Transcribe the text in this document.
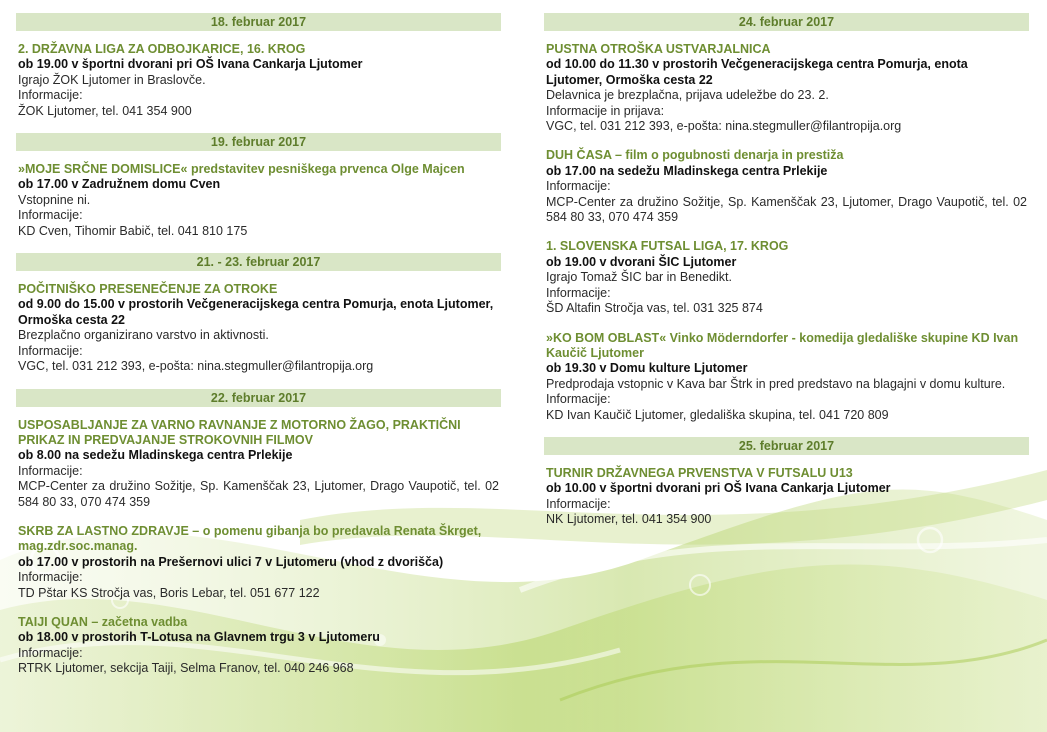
18. februar 2017
2. DRŽAVNA LIGA ZA ODBOJKARICE, 16. KROG
ob 19.00 v športni dvorani pri OŠ Ivana Cankarja Ljutomer
Igrajo ŽOK Ljutomer in Braslovče.
Informacije:
ŽOK Ljutomer, tel. 041 354 900
19. februar 2017
»MOJE SRČNE DOMISLICE« predstavitev pesniškega prvenca Olge Majcen
ob 17.00 v Zadružnem domu Cven
Vstopnine ni.
Informacije:
KD Cven, Tihomir Babič, tel. 041 810 175
21. - 23. februar 2017
POČITNIŠKO PRESENEČENJE ZA OTROKE
od 9.00 do 15.00 v prostorih Večgeneracijskega centra Pomurja, enota Ljutomer, Ormoška cesta 22
Brezplačno organizirano varstvo in aktivnosti.
Informacije:
VGC, tel. 031 212 393, e-pošta: nina.stegmuller@filantropija.org
22. februar 2017
USPOSABLJANJE ZA VARNO RAVNANJE Z MOTORNO ŽAGO, PRAKTIČNI PRIKAZ IN PREDVAJANJE STROKOVNIH FILMOV
ob 8.00 na sedežu Mladinskega centra Prlekije
Informacije:
MCP-Center za družino Sožitje, Sp. Kamenščak 23, Ljutomer, Drago Vaupotič, tel. 02 584 80 33, 070 474 359
SKRB ZA LASTNO ZDRAVJE – o pomenu gibanja bo predavala Renata Škrget, mag.zdr.soc.manag.
ob 17.00 v prostorih na Prešernovi ulici 7 v Ljutomeru (vhod z dvorišča)
Informacije:
TD Pštar KS Stročja vas, Boris Lebar, tel. 051 677 122
TAIJI QUAN – začetna vadba
ob 18.00 v prostorih T-Lotusa na Glavnem trgu 3 v Ljutomeru
Informacije:
RTRK Ljutomer, sekcija Taiji, Selma Franov, tel. 040 246 968
24. februar 2017
PUSTNA OTROŠKA USTVARJALNICA
od 10.00 do 11.30 v prostorih Večgeneracijskega centra Pomurja, enota Ljutomer, Ormoška cesta 22
Delavnica je brezplačna, prijava udeležbe do 23. 2.
Informacije in prijava:
VGC, tel. 031 212 393, e-pošta: nina.stegmuller@filantropija.org
DUH ČASA – film o pogubnosti denarja in prestiža
ob 17.00 na sedežu Mladinskega centra Prlekije
Informacije:
MCP-Center za družino Sožitje, Sp. Kamenščak 23, Ljutomer, Drago Vaupotič, tel. 02 584 80 33, 070 474 359
1. SLOVENSKA FUTSAL LIGA, 17. KROG
ob 19.00 v dvorani ŠIC Ljutomer
Igrajo Tomaž ŠIC bar in Benedikt.
Informacije:
ŠD Altafin Stročja vas, tel. 031 325 874
»KO BOM OBLAST« Vinko Möderndorfer - komedija gledališke skupine KD Ivan Kaučič Ljutomer
ob 19.30 v Domu kulture Ljutomer
Predprodaja vstopnic v Kava bar Štrk in pred predstavo na blagajni v domu kulture.
Informacije:
KD Ivan Kaučič Ljutomer, gledališka skupina, tel. 041 720 809
25. februar 2017
TURNIR DRŽAVNEGA PRVENSTVA V FUTSALU U13
ob 10.00 v športni dvorani pri OŠ Ivana Cankarja Ljutomer
Informacije:
NK Ljutomer, tel. 041 354 900
